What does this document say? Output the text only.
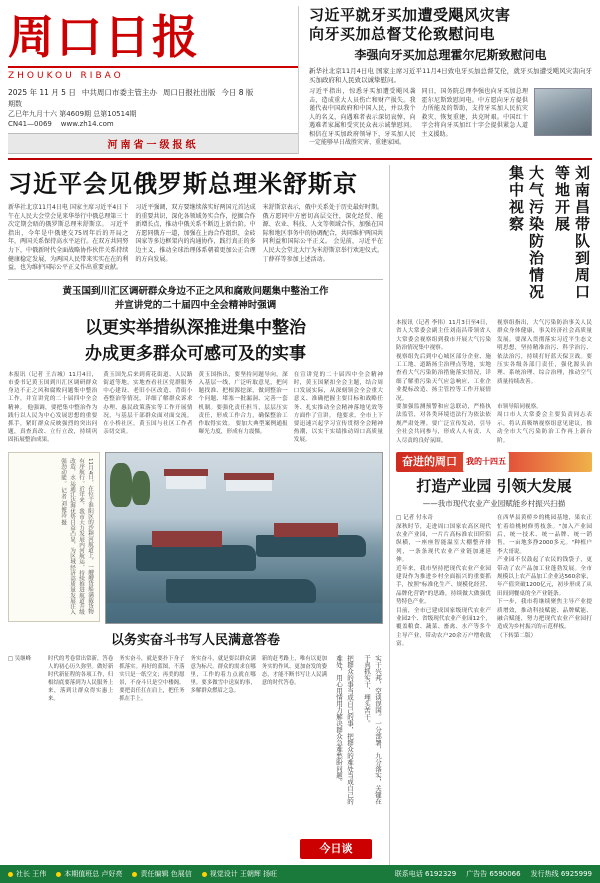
周口日报
ZHOUKOU RIBAO
2025 年 11 月 5 日 中共周口市委主管主办 周口日报社出版 今日 8 版
期数
乙巳年九月十六 第4609期 总第10514期
CN41—0069 www.zh14.com
河南省一级报纸
习近平就牙买加遭受飓风灾害
向牙买加总督艾伦致慰问电
李强向牙买加总理霍尔尼斯致慰问电
新华社北京11月4日电 国家主席习近平11月4日致电牙买加总督艾伦，就牙买加遭受飓风灾害向牙买加政府和人民致以诚挚慰问。
习近平指出，惊悉牙买加遭受飓风袭击，造成重大人员伤亡和财产损失。我谨代表中国政府和中国人民，并以我个人的名义，向遇难者表示深切哀悼，向遇难者家属和受灾民众表示诚挚慰问。相信在牙买加政府领导下，牙买加人民一定能够早日战胜灾害、重建家园。
同日，国务院总理李强也向牙买加总理霍尔尼斯致慰问电。中方愿向牙方提供力所能及的帮助，支持牙买加人民抗灾救灾、恢复重建，共克时艰。中国红十字会将向牙买加红十字会提供紧急人道主义援助。
习近平会见俄罗斯总理米舒斯京
新华社北京11月4日电 国家主席习近平4日下午在人民大会堂会见来华举行中俄总理第三十次定期会晤的俄罗斯总理米舒斯京。 习近平指出，今年是中俄建交75周年后的开局之年，两国关系保持高水平运行。在双方共同努力下，中俄新时代全面战略协作伙伴关系持续健康稳定发展，为两国人民带来实实在在的利益，也为维护国际公平正义作出重要贡献。
习近平强调，双方要继续落实好两国元首达成的重要共识，深化各领域务实合作，挖掘合作新增长点，推动中俄关系不断迈上新台阶。中方愿同俄方一道，加强在上海合作组织、金砖国家等多边框架内的沟通协作，践行真正的多边主义，推动全球治理体系朝着更加公正合理的方向发展。
米舒斯京表示，俄中关系处于历史最好时期。俄方愿同中方密切高层交往，深化经贸、能源、农业、科技、人文等领域合作，加强在国际和地区事务中的协调配合，共同维护两国共同利益和国际公平正义。 会见前，习近平在人民大会堂北大厅为米舒斯京举行欢迎仪式。丁薛祥等参加上述活动。
黄玉国到川汇区调研群众身边不正之风和腐败问题集中整治工作
并宣讲党的二十届四中全会精神时强调
以更实举措纵深推进集中整治
办成更多群众可感可及的实事
本报讯（记者 王吉城）11月4日，市委书记黄玉国到川汇区调研群众身边不正之风和腐败问题集中整治工作，并宣讲党的二十届四中全会精神。 他强调，要把集中整治作为践行以人民为中心发展思想的重要抓手，紧盯群众反映强烈的突出问题，真查真改、立行立改，持续巩固拓展整治成果。
黄玉国先后来到荷花街道、人民路街道等地，实地查看社区党群服务中心建设、老旧小区改造、背街小巷整治等情况，详细了解群众诉求办理、惠民政策落实等工作开展情况，与基层干部群众面对面交流。 在小桥社区，黄玉国与社区工作者亲切交谈。
黄玉国指出，要坚持问题导向，深入基层一线，广泛听取意见，把问题找准、把根源挖深，做到整治一个问题、堵塞一批漏洞、完善一套机制。要强化责任担当，层层压实责任，形成工作合力，确保整治工作取得实效。 要加大典型案例通报曝光力度，形成有力震慑。
在宣讲党的二十届四中全会精神时，黄玉国紧扣全会主题，结合周口发展实际，从深刻领会全会重大意义、准确把握主要目标和战略任务、扎实推动全会精神落地见效等方面作了宣讲。 他要求，全市上下要迅速兴起学习宣传贯彻全会精神热潮，以实干实绩推动周口高质量发展。
11月4日，在位于淮阳区的沙颍河航道上，一艘艘货船满载货物有序航行。近年来，我市大力发展内河航运，持续推进航道升级改造，水运通江达海优势日益凸显，为区域经济高质量发展注入强劲动能。 记者 刘俊涛 摄
以务实奋斗书写人民满意答卷
□ 吴继峰	时代的考卷常出常新，答卷人的初心历久弥坚。做好新时代新征程的各项工作，归根结底要落到为人民服务上来，落到让群众得实惠上来。
务实奋斗，就是要扑下身子抓落实。再好的蓝图，不落实只是一纸空文；再美的愿景，不奋斗只是空中楼阁。要把责任扛在肩上，把任务抓在手上。
务实奋斗，就是要以群众满意为标尺。群众的需求在哪里，工作的着力点就在哪里。要多做雪中送炭的事，多解群众燃眉之急。
新的赶考路上，唯有以更加务实的作风、更加奋发的姿态，才能不断书写让人民满意的时代答卷。	把群众的事当成自己的事，把群众的难处当成自己的难处，用心用情用力解决群众急难愁盼问题。	实干兴邦，空谈误国。一分部署，九分落实，关键在于真抓实干、埋头苦干。
大气污染防治情况集中视察	刘南昌带队到周口等地开展
本报讯（记者 李伟）11月3日至4日，省人大常委会副主任刘南昌带领省人大常委会视察组到我市开展大气污染防治情况集中视察。
视察组先后到中心城区部分企业、施工工地、道路扬尘治理点等地，实地查看大气污染防治措施落实情况，详细了解重污染天气应急响应、工业企业提标改造、扬尘管控等工作开展情况。
视察组指出，大气污染防治事关人民群众身体健康，事关经济社会高质量发展。要深入贯彻落实习近平生态文明思想，坚持精准治污、科学治污、依法治污，持续打好蓝天保卫战。要压实各级各部门责任，强化源头治理、系统治理、综合治理，推动空气质量持续改善。
要加强监测预警和应急联动，严格执法监管，对各类环境违法行为依法依规严肃处理。要广泛宣传发动，引导全社会共同参与，形成人人有责、人人尽责的良好氛围。
市领导陪同视察。
周口市人大常委会主要负责同志表示，将认真吸纳视察组意见建议，推动全市大气污染防治工作再上新台阶。
奋进的周口	我的十四五
打造产业园 引领大发展
——我市现代农业产业园赋能乡村振兴扫描
□ 记者 付永奇
深秋时节，走进周口国家农高区现代农业产业园，一片片高标准农田阡陌纵横，一座座智能温室大棚整齐排列，一条条现代农业产业链加速延伸。
近年来，我市坚持把现代农业产业园建设作为推进乡村全面振兴的重要抓手，按照"标准化生产、规模化经营、品牌化营销"的思路，持续做大做强优势特色产业。
目前，全市已建成国家级现代农业产业园2个、省级现代农业产业园12个，覆盖粮食、蔬菜、畜禽、水产等多个主导产业，带动农户20余万户增收致富。
在西华县黄桥乡的桃园基地，果农正忙着给桃树修剪枝条。"加入产业园后，统一技术、统一品牌、统一销售，一亩地多挣2000多元。"种植户李大哥说。
产业园不仅鼓起了农民的钱袋子，更带动了农产品加工业蓬勃发展。全市规模以上农产品加工企业达560余家，年产值突破1200亿元，初步形成了从田间到餐桌的全产业链条。
下一步，我市将继续聚焦主导产业提质增效，推动科技赋能、品牌赋能、融合赋能，努力把现代农业产业园打造成为乡村振兴的示范样板。
（下转第二版）
今日谈
社长 王伟	本期值班总 卢好亮	责任编辑 色展信	视觉设计 王朝辉 扬旺	联系电话 6192329 广告告 6590066 发行热线 6925999
